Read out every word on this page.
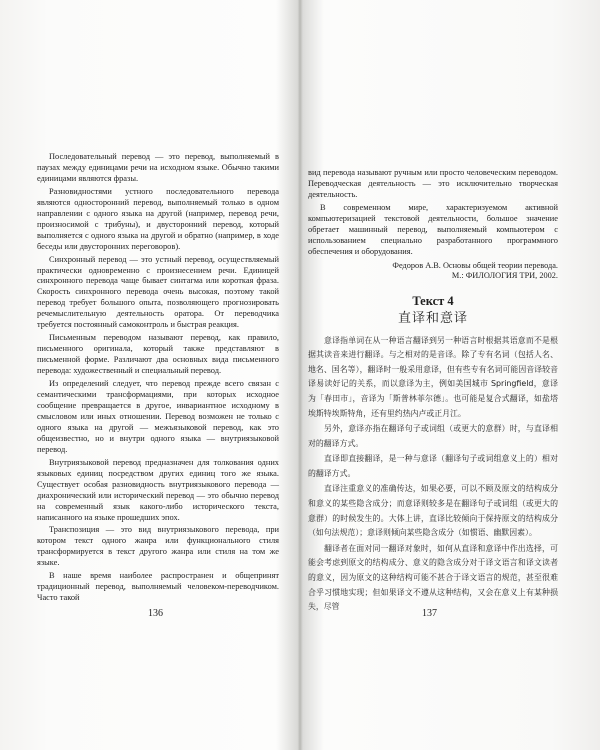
Последовательный перевод — это перевод, выполняемый в паузах между единицами речи на исходном языке. Обычно такими единицами являются фразы.

Разновидностями устного последовательного перевода являются односторонний перевод, выполняемый только в одном направлении с одного языка на другой (например, перевод речи, произносимой с трибуны), и двусторонний перевод, который выполняется с одного языка на другой и обратно (например, в ходе беседы или двусторонних переговоров).

Синхронный перевод — это устный перевод, осуществляемый практически одновременно с произнесением речи. Единицей синхронного перевода чаще бывает синтагма или короткая фраза. Скорость синхронного перевода очень высокая, поэтому такой перевод требует большого опыта, позволяющего прогнозировать речемыслительную деятельность оратора. От переводчика требуется постоянный самоконтроль и быстрая реакция.

Письменным переводом называют перевод, как правило, письменного оригинала, который также представляют в письменной форме. Различают два основных вида письменного перевода: художественный и специальный перевод.

Из определений следует, что перевод прежде всего связан с семантическими трансформациями, при которых исходное сообщение превращается в другое, инвариантное исходному в смысловом или иных отношении. Перевод возможен не только с одного языка на другой — межъязыковой перевод, как это общеизвестно, но и внутри одного языка — внутриязыковой перевод.

Внутриязыковой перевод предназначен для толкования одних языковых единиц посредством других единиц того же языка. Существует особая разновидность внутриязыкового перевода — диахронический или исторический перевод — это обычно перевод на современный язык какого-либо исторического текста, написанного на языке прошедших эпох.

Транспозиция — это вид внутриязыкового перевода, при котором текст одного жанра или функционального стиля трансформируется в текст другого жанра или стиля на том же языке.

В наше время наиболее распространен и общепринят традиционный перевод, выполняемый человеком-переводчиком. Часто такой

136

вид перевода называют ручным или просто человеческим переводом. Переводческая деятельность — это исключительно творческая деятельность.

В современном мире, характеризуемом активной компьютеризацией текстовой деятельности, большое значение обретает машинный перевод, выполняемый компьютером с использованием специально разработанного программного обеспечения и оборудования.

Федоров А.В. Основы общей теории перевода.
М.: ФИЛОЛОГИЯ ТРИ, 2002.
Текст 4
直译和意译

意译指单词在从一种语言翻译到另一种语言时根据其语意而不是根据其读音来进行翻译。与之相对的是音译。除了专有名词（包括人名、地名、国名等），翻译时一般采用意译，但有些专有名词可能因音译较音译易读好记的关系，而以意译为主，例如美国城市 Springfield，意译为「春田市」，音译为「斯普林菲尔德」。也可能是复合式翻译，如盐塔埃斯特埃斯特角，还有里约热内卢或正月江。

另外，意译亦指在翻译句子或词组（或更大的意群）时，与直译相对的翻译方式。

直译即直接翻译，是一种与意译（翻译句子或词组意义上的）相对的翻译方式。

直译注重意义的准确传达，如果必要，可以不顾及原文的结构成分和意义的某些隐含成分；而意译则较多是在翻译句子或词组（或更大的意群）的时候发生的。大体上讲，直译比较倾向于保持原文的结构成分（如句法规范）；意译则倾向某些隐含成分（如惯语、幽默因素）。

翻译者在面对同一翻译对象时，如何从直译和意译中作出选择，可能会考虑到原文的结构成分、意义的隐含成分对于译文语言和译文读者的意义，因为原文的这种结构可能不甚合于译文语言的规范，甚至很难合乎习惯地实现；但如果译文不遵从这种结构，又会在意义上有某种损失，尽管

137
